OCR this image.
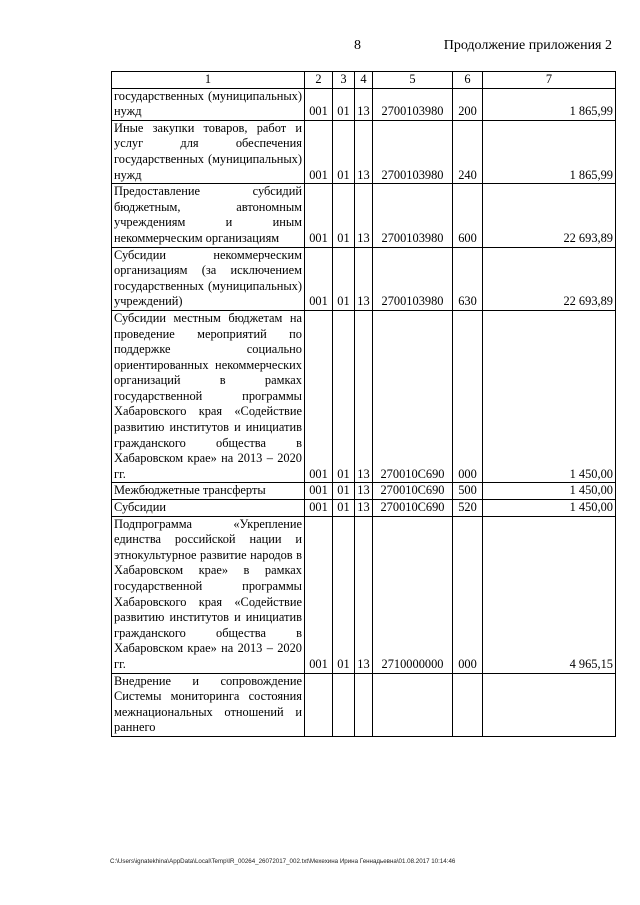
8	Продолжение приложения 2
1	2	3	4	5	6	7
государственных (муниципальных) нужд	001	01	13	2700103980	200	1 865,99
Иные закупки товаров, работ и услуг для обеспечения государственных (муниципальных) нужд	001	01	13	2700103980	240	1 865,99
Предоставление субсидий бюджетным, автономным учреждениям и иным некоммерческим организациям	001	01	13	2700103980	600	22 693,89
Субсидии некоммерческим организациям (за исключением государственных (муниципальных) учреждений)	001	01	13	2700103980	630	22 693,89
Субсидии местным бюджетам на проведение мероприятий по поддержке социально ориентированных некоммерческих организаций в рамках государственной программы Хабаровского края «Содействие развитию институтов и инициатив гражданского общества в Хабаровском крае» на 2013 – 2020 гг.	001	01	13	270010С690	000	1 450,00
Межбюджетные трансферты	001	01	13	270010С690	500	1 450,00
Субсидии	001	01	13	270010С690	520	1 450,00
Подпрограмма «Укрепление единства российской нации и этнокультурное развитие народов в Хабаровском крае» в рамках государственной программы Хабаровского края «Содействие развитию институтов и инициатив гражданского общества в Хабаровском крае» на 2013 – 2020 гг.	001	01	13	2710000000	000	4 965,15
Внедрение и сопровождение Системы мониторинга состояния межнациональных отношений и раннего						
C:\Users\ignatekhina\AppData\Local\Temp\IR_00264_26072017_002.txt\Мехехина Ирина Геннадьевна\01.08.2017 10:14:46
